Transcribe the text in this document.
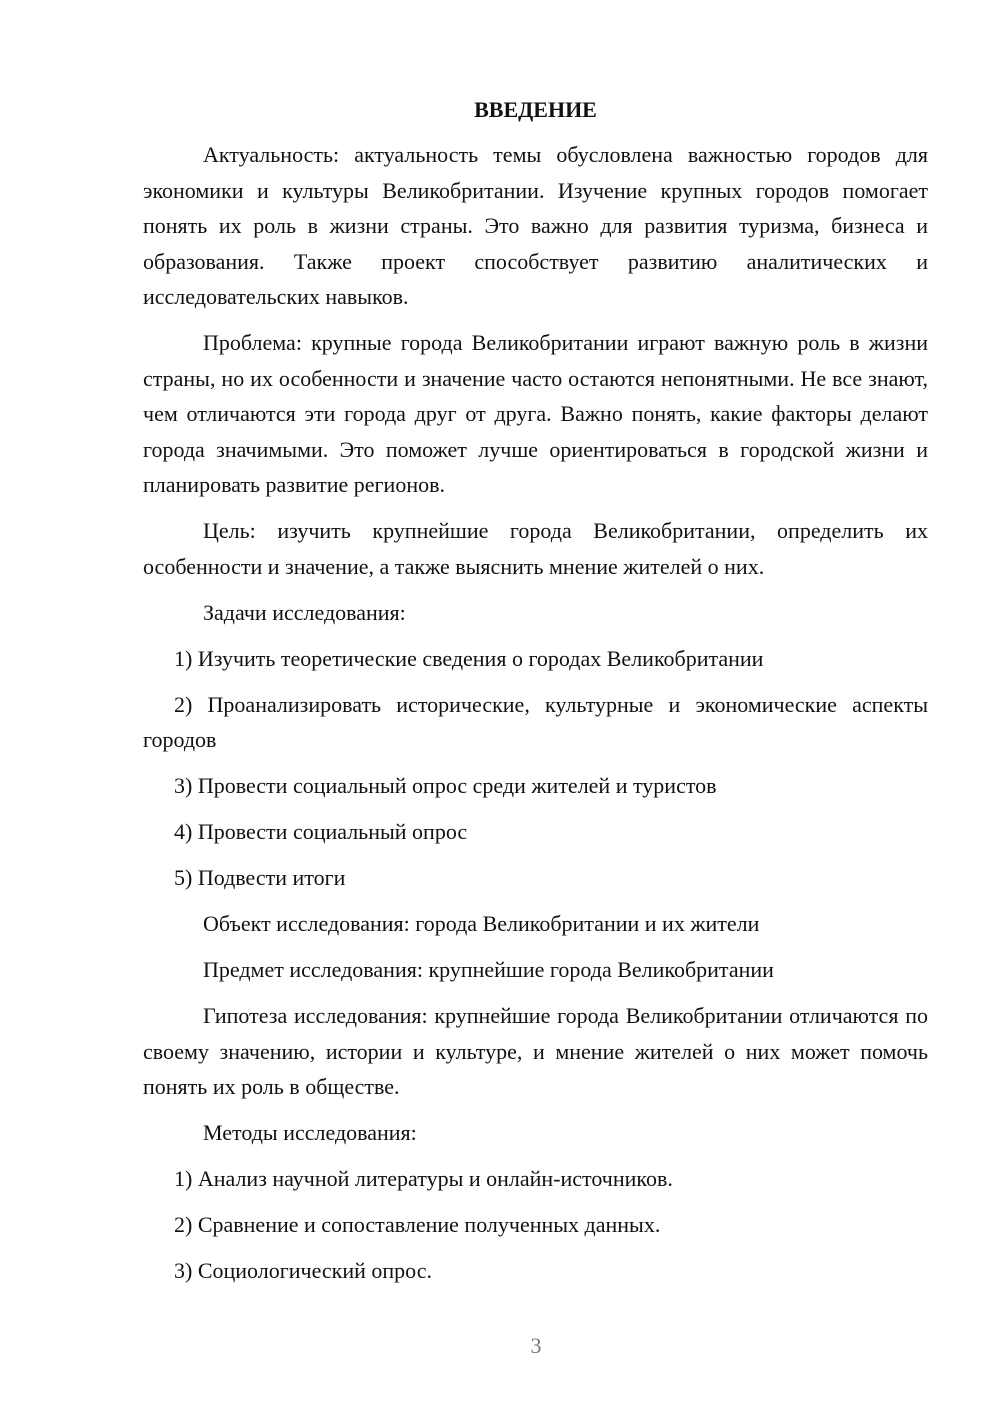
ВВЕДЕНИЕ

Актуальность: актуальность темы обусловлена важностью городов для экономики и культуры Великобритании. Изучение крупных городов помогает понять их роль в жизни страны. Это важно для развития туризма, бизнеса и образования. Также проект способствует развитию аналитических и исследовательских навыков.

Проблема: крупные города Великобритании играют важную роль в жизни страны, но их особенности и значение часто остаются непонятными. Не все знают, чем отличаются эти города друг от друга. Важно понять, какие факторы делают города значимыми. Это поможет лучше ориентироваться в городской жизни и планировать развитие регионов.

Цель: изучить крупнейшие города Великобритании, определить их особенности и значение, а также выяснить мнение жителей о них.

Задачи исследования:

1) Изучить теоретические сведения о городах Великобритании

2) Проанализировать исторические, культурные и экономические аспекты городов

3) Провести социальный опрос среди жителей и туристов

4) Провести социальный опрос

5) Подвести итоги

Объект исследования: города Великобритании и их жители

Предмет исследования: крупнейшие города Великобритании

Гипотеза исследования: крупнейшие города Великобритании отличаются по своему значению, истории и культуре, и мнение жителей о них может помочь понять их роль в обществе.

Методы исследования:

1) Анализ научной литературы и онлайн-источников.

2) Сравнение и сопоставление полученных данных.

3) Социологический опрос.

3
